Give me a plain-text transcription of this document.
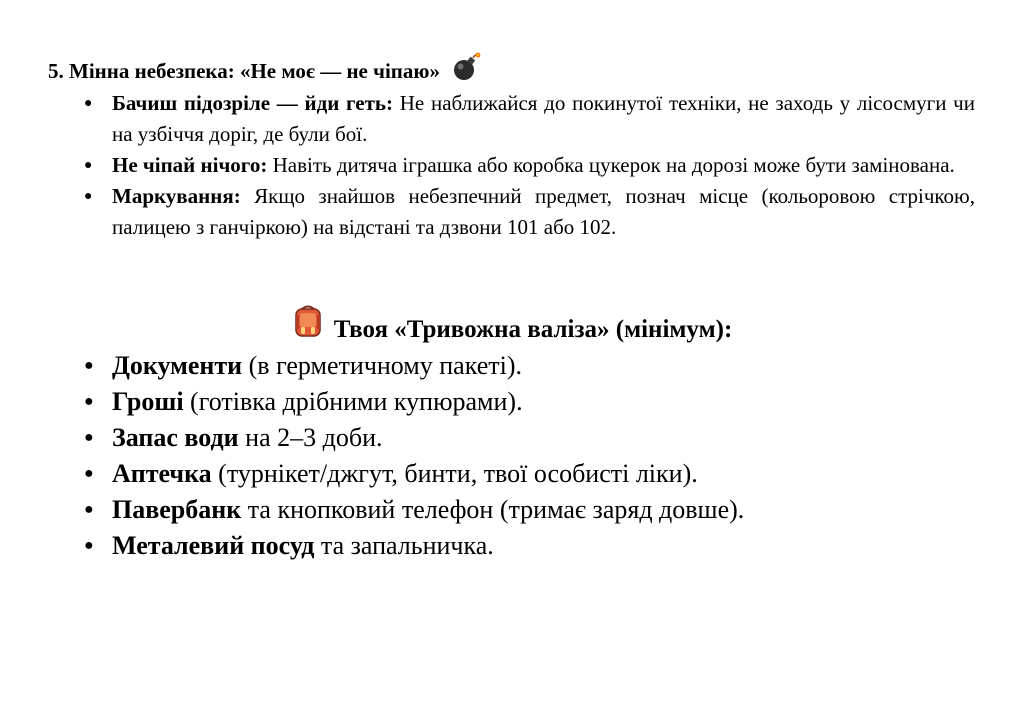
5. Мінна небезпека: «Не моє — не чіпаю»
● Бачиш підозріле — йди геть: Не наближайся до покинутої техніки, не заходь у лісосмуги чи на узбіччя доріг, де були бої.
● Не чіпай нічого: Навіть дитяча іграшка або коробка цукерок на дорозі може бути замінована.
● Маркування: Якщо знайшов небезпечний предмет, познач місце (кольоровою стрічкою, палицею з ганчіркою) на відстані та дзвони 101 або 102.
Твоя «Тривожна валіза» (мінімум):
● Документи (в герметичному пакеті).
● Гроші (готівка дрібними купюрами).
● Запас води на 2–3 доби.
● Аптечка (турнікет/джгут, бинти, твої особисті ліки).
● Павербанк та кнопковий телефон (тримає заряд довше).
● Металевий посуд та запальничка.
